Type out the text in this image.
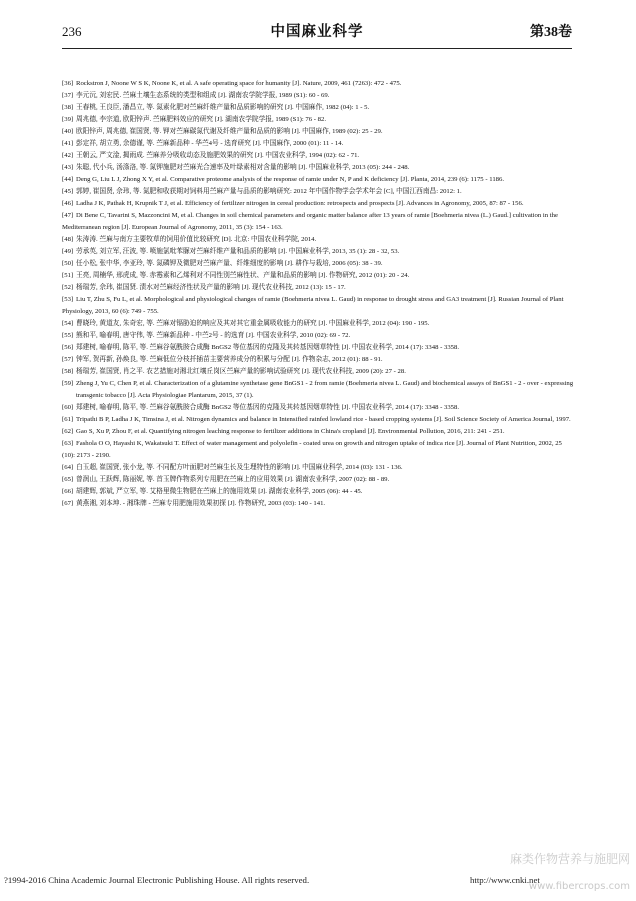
236	中国麻业科学	第38卷
[36] Rockstron J, Noone W S K, Noone K, et al. A safe operating space for humanity [J]. Nature, 2009, 461 (7263): 472 - 475.
[37] 李元沅, 刘宏民. 苎麻土壤生态系统的类型和组成 [J]. 湖南农学院学报, 1989 (S1): 60 - 69.
[38] 王春桃, 王良臣, 潘昌立, 等. 氮素化肥对苎麻纤维产量和品质影响的研究 [J]. 中国麻作, 1982 (04): 1 - 5.
[39] 周兆德, 李宗道, 欧阳锌声. 苎麻肥料效应的研究 [J]. 湖南农学院学报, 1989 (S1): 76 - 82.
[40] 欧阳锌声, 周兆德, 崔国贤, 等. 钾对苎麻碳氮代谢及纤维产量和品质的影响 [J]. 中国麻作, 1989 (02): 25 - 29.
[41] 彭定祥, 胡立勇, 余德谨, 等. 苎麻新品种 - 华苎4号 - 选育研究 [J]. 中国麻作, 2000 (01): 11 - 14.
[42] 王朝云, 严文淦, 揭雨成. 苎麻养分吸收动态及施肥效果的研究 [J]. 中国农业科学, 1994 (02): 62 - 71.
[43] 朱聪, 代小兵, 汤涤洛, 等. 氮钾施肥对苎麻光合速率及叶绿素相对含量的影响 [J]. 中国麻业科学, 2013 (05): 244 - 248.
[44] Deng G, Liu L J, Zhong X Y, et al. Comparative proteome analysis of the response of ramie under N, P and K deficiency [J]. Planta, 2014, 239 (6): 1175 - 1186.
[45] 郭婷, 崔国贤, 佘玮, 等. 氮肥和收获期对饲料用苎麻产量与品质的影响研究: 2012 年中国作物学会学术年会 [C], 中国江西南昌: 2012: 1.
[46] Ladha J K, Pathak H, Krupnik T J, et al. Efficiency of fertilizer nitrogen in cereal production: retrospects and prospects [J]. Advances in Agronomy, 2005, 87: 87 - 156.
[47] Di Bene C, Tavarini S, Mazzoncini M, et al. Changes in soil chemical parameters and organic matter balance after 13 years of ramie [Boehmeria nivea (L.) Gaud.] cultivation in the Mediterranean region [J]. European Journal of Agronomy, 2011, 35 (3): 154 - 163.
[48] 朱涛涛. 苎麻与南方主要牧草的饲用价值比较研究 [D]. 北京: 中国农业科学院, 2014.
[49] 劳承英, 刘立军, 汪波, 等. 喷施氯吡苯脲对苎麻纤维产量和品质的影响 [J]. 中国麻业科学, 2013, 35 (1): 28 - 32, 53.
[50] 任小松, 张中华, 李亚玲, 等. 氮磷钾及微肥对苎麻产量、纤维细度的影响 [J]. 耕作与栽培, 2006 (05): 38 - 39.
[51] 王亮, 周楠华, 邢虎成, 等. 赤霉素和乙烯利对不同性别苎麻性状、产量和品质的影响 [J]. 作物研究, 2012 (01): 20 - 24.
[52] 杨瑞芳, 佘玮, 崔国贤. 渍水对苎麻经济性状及产量的影响 [J]. 现代农业科技, 2012 (13): 15 - 17.
[53] Liu T, Zhu S, Fu L, et al. Morphological and physiological changes of ramie (Boehmeria nivea L. Gaud) in response to drought stress and GA3 treatment [J]. Russian Journal of Plant Physiology, 2013, 60 (6): 749 - 755.
[54] 曹晓玲, 黄道友, 朱奇宏, 等. 苎麻对镉胁迫的响应及其对其它重金属吸收能力的研究 [J]. 中国麻业科学, 2012 (04): 190 - 195.
[55] 熊和平, 喻春明, 唐守伟, 等. 苎麻新品种 - 中苎2号 - 的选育 [J]. 中国农业科学, 2010 (02): 69 - 72.
[56] 郑建树, 喻春明, 陈平, 等. 苎麻谷氨酰胺合成酶 BnGS2 等位基因的克隆及其转基因烟草特性 [J]. 中国农业科学, 2014 (17): 3348 - 3358.
[57] 钟军, 贺再新, 孙焕良, 等. 苎麻低位分枝扦插苗主要营养成分的积累与分配 [J]. 作物杂志, 2012 (01): 88 - 91.
[58] 杨瑞芳, 崔国贤, 肖之平. 农艺措施对湘北红壤丘岗区苎麻产量的影响试验研究 [J]. 现代农业科技, 2009 (20): 27 - 28.
[59] Zheng J, Yu C, Chen P, et al. Characterization of a glutamine synthetase gene BnGS1 - 2 from ramie (Boehmeria nivea L. Gaud) and biochemical assays of BnGS1 - 2 - over - expressing transgenic tobacco [J]. Acta Physiologiae Plantarum, 2015, 37 (1).
[60] 郑建树, 喻春明, 陈平, 等. 苎麻谷氨酰胺合成酶 BnGS2 等位基因的克隆及其转基因烟草特性 [J]. 中国农业科学, 2014 (17): 3348 - 3358.
[61] Tripathi B P, Ladha J K, Timsina J, et al. Nitrogen dynamics and balance in Intensified rainfed lowland rice - based cropping systems [J]. Soil Science Society of America Journal, 1997.
[62] Gao S, Xu P, Zhou F, et al. Quantifying nitrogen leaching response to fertilizer additions in China's cropland [J]. Environmental Pollution, 2016, 211: 241 - 251.
[63] Fashola O O, Hayashi K, Wakatsuki T. Effect of water management and polyolefin - coated urea on growth and nitrogen uptake of indica rice [J]. Journal of Plant Nutrition, 2002, 25 (10): 2173 - 2190.
[64] 白玉超, 崔国贤, 张小龙, 等. 不同配方叶面肥对苎麻生长及生理特性的影响 [J]. 中国麻业科学, 2014 (03): 131 - 136.
[65] 曾润山, 王跃辉, 陈丽妮, 等. 首玉牌作物系列专用肥在苎麻上的应用效果 [J]. 湖南农业科学, 2007 (02): 88 - 89.
[66] 胡建辉, 郭斌, 严立军, 等. 艾格里微生物肥在苎麻上的施用效果 [J]. 湖南农业科学, 2005 (06): 44 - 45.
[67] 黄燕湘, 刘本坤. - 湘珠牌 - 苎麻专用肥施用效果初探 [J]. 作物研究, 2003 (03): 140 - 141.
?1994-2016 China Academic Journal Electronic Publishing House. All rights reserved.	http://www.cnki.net
麻类作物营养与施肥网
www.fibercrops.com
